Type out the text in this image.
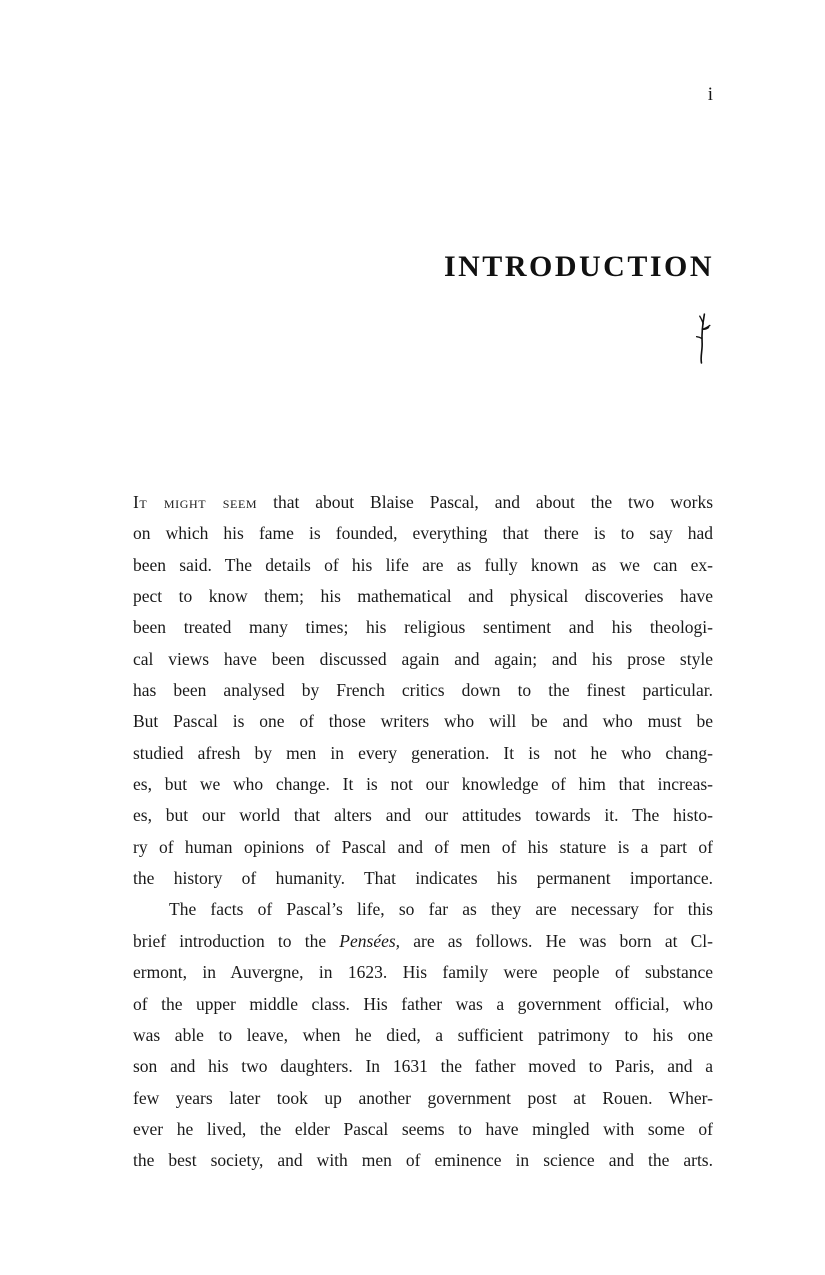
i
INTRODUCTION
It might seem that about Blaise Pascal, and about the two works
on which his fame is founded, everything that there is to say had
been said. The details of his life are as fully known as we can ex-
pect to know them; his mathematical and physical discoveries have
been treated many times; his religious sentiment and his theologi-
cal views have been discussed again and again; and his prose style
has been analysed by French critics down to the finest particular.
But Pascal is one of those writers who will be and who must be
studied afresh by men in every generation. It is not he who chang-
es, but we who change. It is not our knowledge of him that increas-
es, but our world that alters and our attitudes towards it. The histo-
ry of human opinions of Pascal and of men of his stature is a part of
the history of humanity. That indicates his permanent importance.
The facts of Pascal’s life, so far as they are necessary for this
brief introduction to the Pensées, are as follows. He was born at Cl-
ermont, in Auvergne, in 1623. His family were people of substance
of the upper middle class. His father was a government official, who
was able to leave, when he died, a sufficient patrimony to his one
son and his two daughters. In 1631 the father moved to Paris, and a
few years later took up another government post at Rouen. Wher-
ever he lived, the elder Pascal seems to have mingled with some of
the best society, and with men of eminence in science and the arts.
